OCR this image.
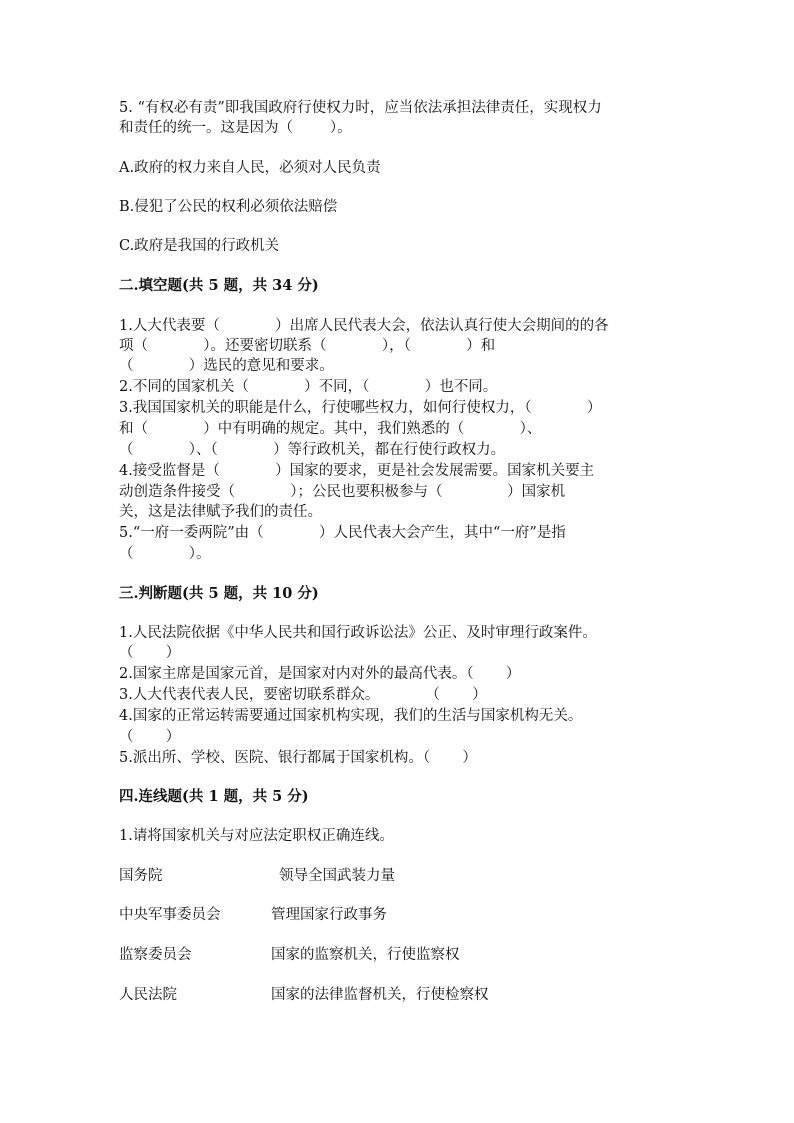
5. “有权必有责”即我国政府行使权力时，应当依法承担法律责任，实现权力
和责任的统一。这是因为（        ）。
A.政府的权力来自人民，必须对人民负责
B.侵犯了公民的权利必须依法赔偿
C.政府是我国的行政机关
二.填空题(共 5 题，共 34 分)
1.人大代表要（            ）出席人民代表大会，依法认真行使大会期间的的各
项（            ）。还要密切联系（            ），（            ）和
（            ）选民的意见和要求。
2.不同的国家机关（            ）不同，（            ）也不同。
3.我国国家机关的职能是什么，行使哪些权力，如何行使权力，（            ）
和（            ）中有明确的规定。其中，我们熟悉的（            ）、
（            ）、（            ）等行政机关，都在行使行政权力。
4.接受监督是（            ）国家的要求，更是社会发展需要。国家机关要主
动创造条件接受（            ）；公民也要积极参与（              ）国家机
关，这是法律赋予我们的责任。
5.“一府一委两院”由（            ）人民代表大会产生，其中“一府”是指
（            ）。
三.判断题(共 5 题，共 10 分)
1.人民法院依据《中华人民共和国行政诉讼法》公正、及时审理行政案件。
（       ）
2.国家主席是国家元首，是国家对内对外的最高代表。（       ）
3.人大代表代表人民，要密切联系群众。          （       ）
4.国家的正常运转需要通过国家机构实现，我们的生活与国家机构无关。
（       ）
5.派出所、学校、医院、银行都属于国家机构。（       ）
四.连线题(共 1 题，共 5 分)
1.请将国家机关与对应法定职权正确连线。
国务院	领导全国武装力量
中央军事委员会	管理国家行政事务
监察委员会	国家的监察机关，行使监察权
人民法院	国家的法律监督机关，行使检察权
